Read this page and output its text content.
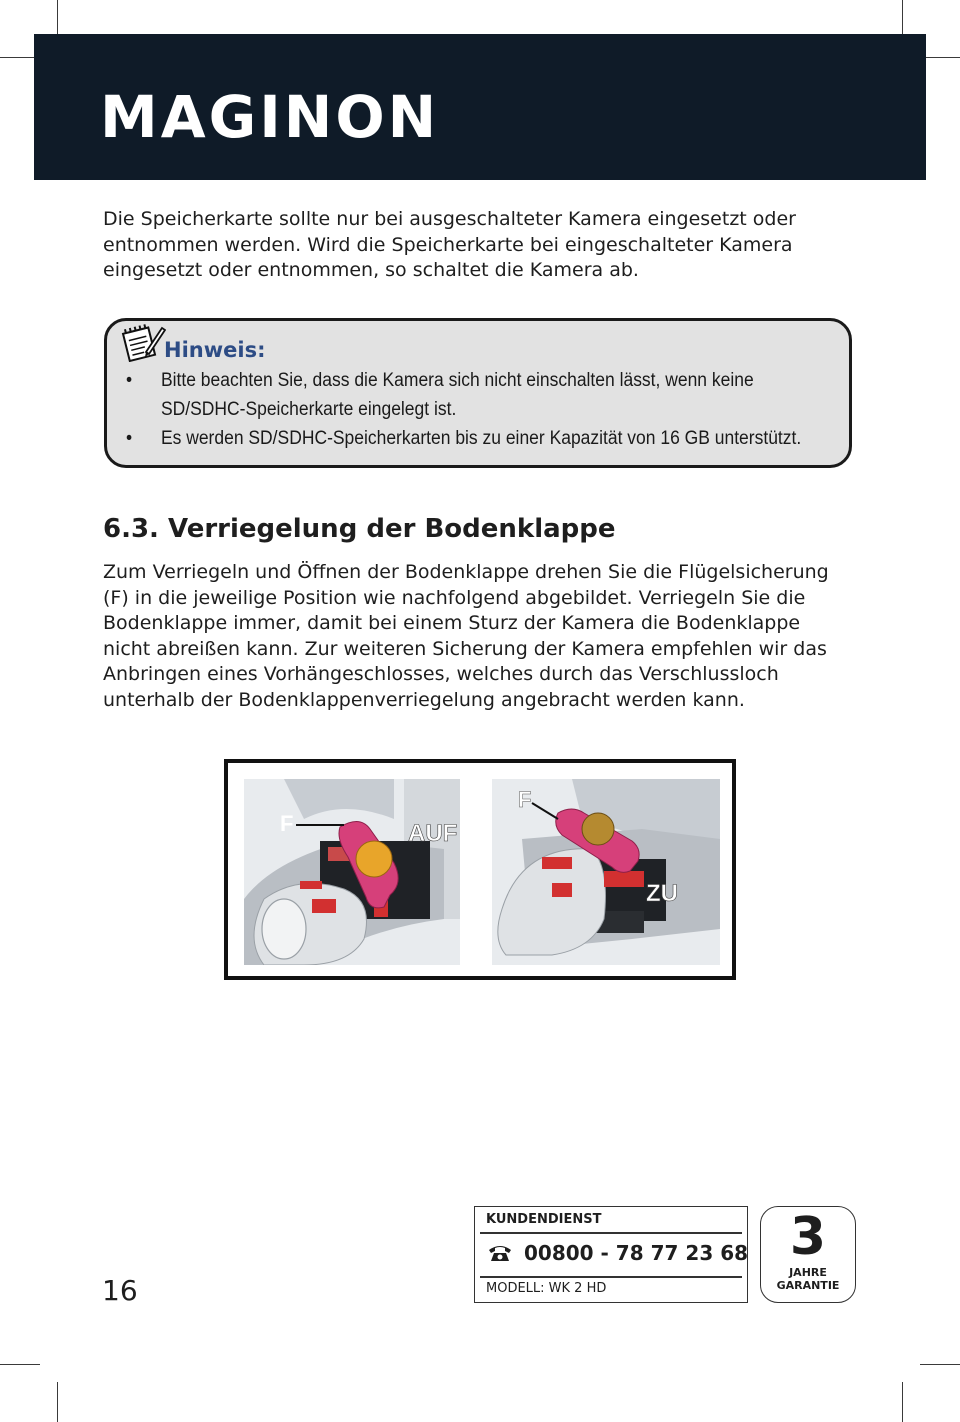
MAGINON

Die Speicherkarte sollte nur bei ausgeschalteter Kamera eingesetzt oder entnommen werden. Wird die Speicherkarte bei eingeschalteter Kamera eingesetzt oder entnommen, so schaltet die Kamera ab.

Hinweis:
• Bitte beachten Sie, dass die Kamera sich nicht einschalten lässt, wenn keine SD/SDHC-Speicherkarte eingelegt ist.
• Es werden SD/SDHC-Speicherkarten bis zu einer Kapazität von 16 GB unterstützt.
6.3. Verriegelung der Bodenklappe

Zum Verriegeln und Öffnen der Bodenklappe drehen Sie die Flügelsicherung (F) in die jeweilige Position wie nachfolgend abgebildet. Verriegeln Sie die Bodenklappe immer, damit bei einem Sturz der Kamera die Bodenklappe nicht abreißen kann. Zur weiteren Sicherung der Kamera empfehlen wir das Anbringen eines Vorhängeschlosses, welches durch das Verschlussloch unterhalb der Bodenklappenverriegelung angebracht werden kann.

F	AUF
F
ZU
KUNDENDIENST
00800 - 78 77 23 68
MODELL: WK 2 HD
3
JAHRE
GARANTIE
16
